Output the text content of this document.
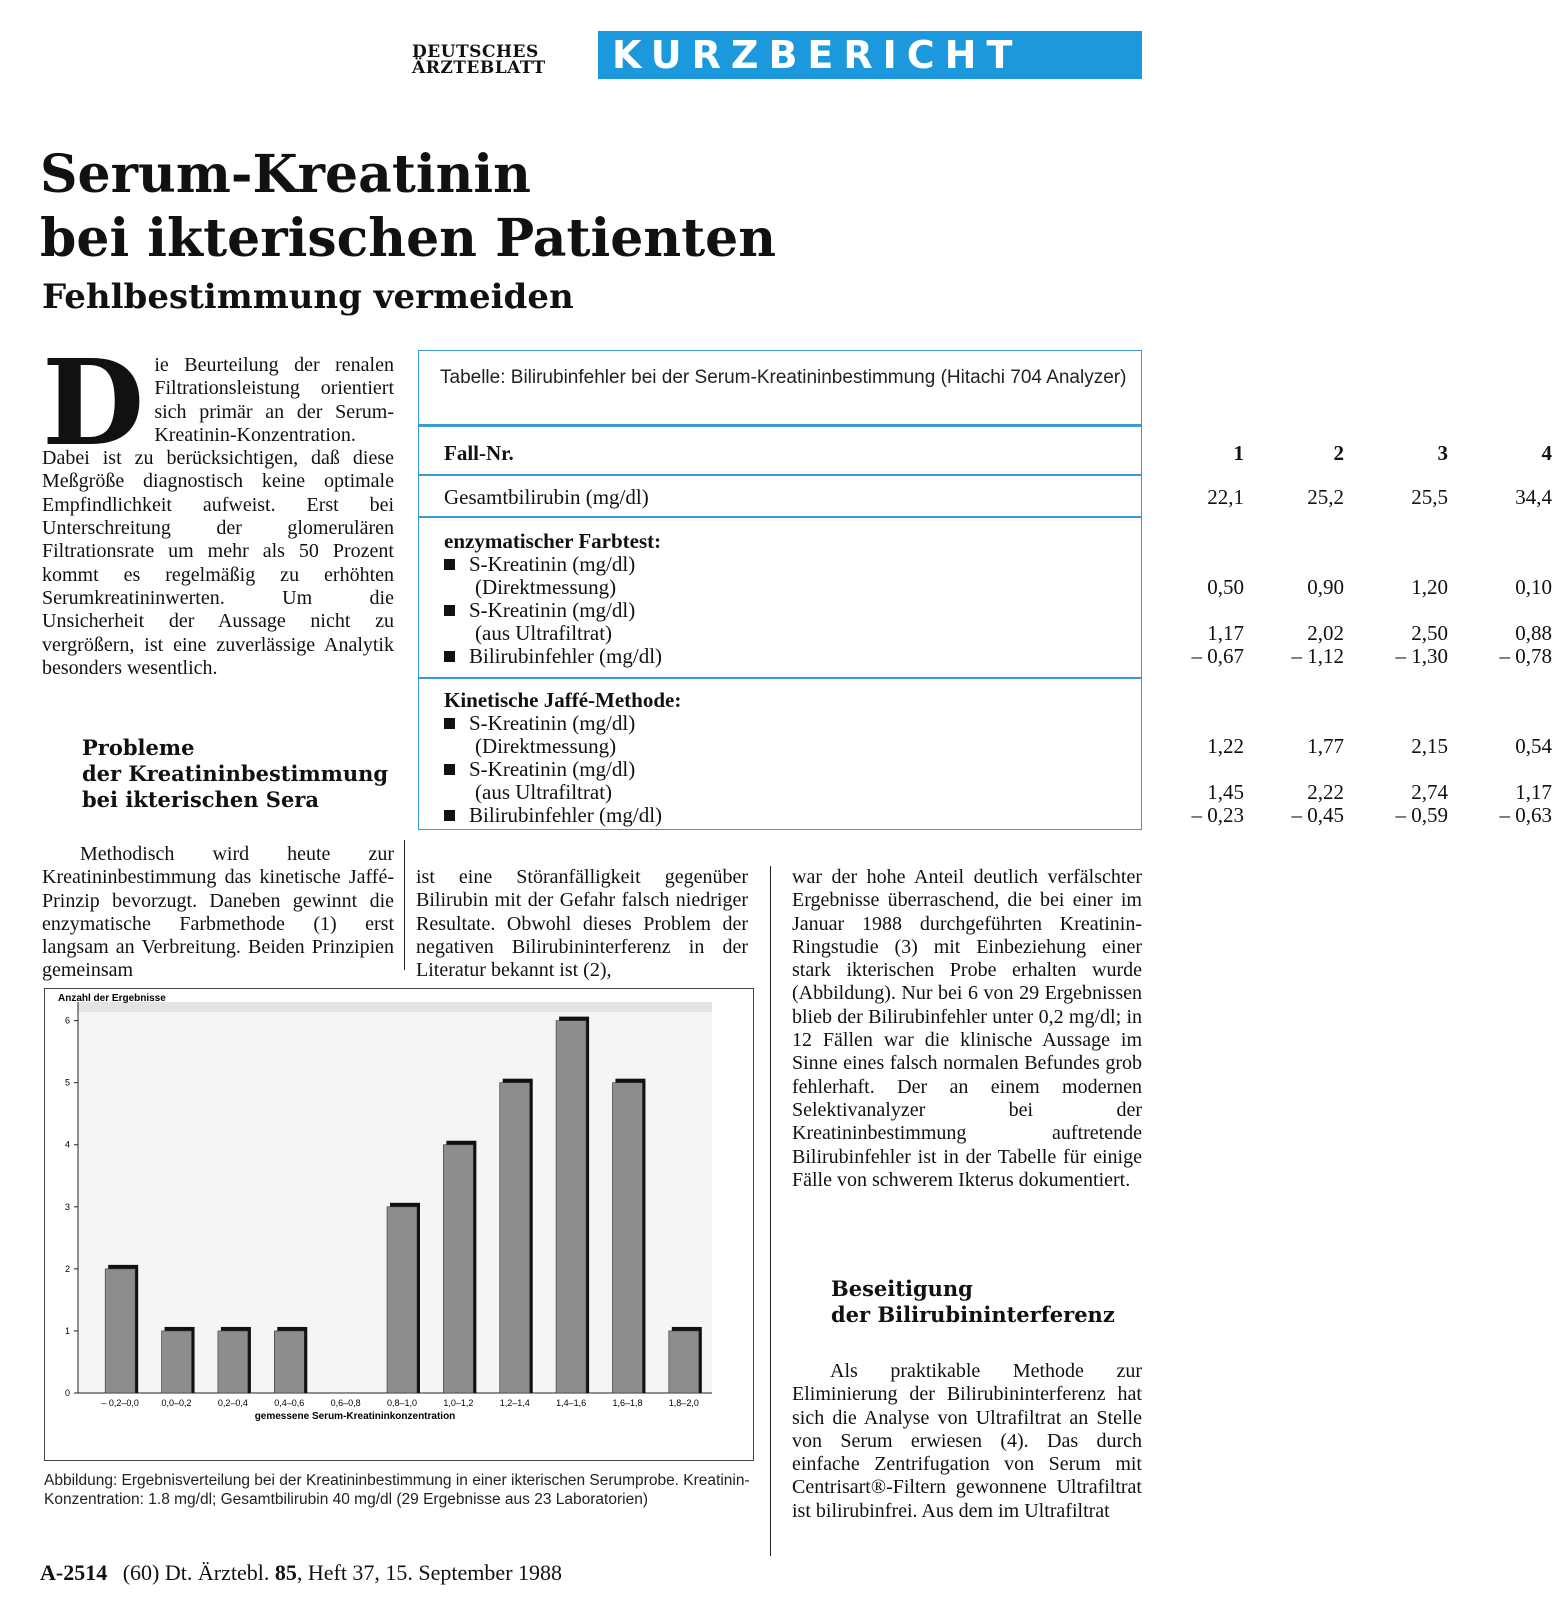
DEUTSCHES ÄRZTEBLATT	KURZBERICHT
Serum-Kreatinin
bei ikterischen Patienten
Fehlbestimmung vermeiden
D ie Beurteilung der renalen Filtrationsleistung orientiert sich primär an der Serum-Kreatinin-Konzentration. Dabei ist zu berücksichtigen, daß diese Meßgröße diagnostisch keine optimale Empfindlichkeit aufweist. Erst bei Unterschreitung der glomerulären Filtrationsrate um mehr als 50 Prozent kommt es regelmäßig zu erhöhten Serumkreatininwerten. Um die Unsicherheit der Aussage nicht zu vergrößern, ist eine zuverlässige Analytik besonders wesentlich.
Probleme
der Kreatininbestimmung
bei ikterischen Sera
Methodisch wird heute zur Kreatininbestimmung das kinetische Jaffé-Prinzip bevorzugt. Daneben gewinnt die enzymatische Farbmethode (1) erst langsam an Verbreitung. Beiden Prinzipien gemeinsam
Tabelle: Bilirubinfehler bei der Serum-Kreatininbestimmung (Hitachi 704 Analyzer)
Fall-Nr.	1	2	3	4
Gesamtbilirubin (mg/dl)	22,1	25,2	25,5	34,4
enzymatischer Farbtest:
S-Kreatinin (mg/dl)
(Direktmessung)	0,50	0,90	1,20	0,10
S-Kreatinin (mg/dl)
(aus Ultrafiltrat)	1,17	2,02	2,50	0,88
Bilirubinfehler (mg/dl)	– 0,67	– 1,12	– 1,30	– 0,78
Kinetische Jaffé-Methode:
S-Kreatinin (mg/dl)
(Direktmessung)	1,22	1,77	2,15	0,54
S-Kreatinin (mg/dl)
(aus Ultrafiltrat)	1,45	2,22	2,74	1,17
Bilirubinfehler (mg/dl)	– 0,23	– 0,45	– 0,59	– 0,63
ist eine Störanfälligkeit gegenüber Bilirubin mit der Gefahr falsch niedriger Resultate. Obwohl dieses Problem der negativen Bilirubininterferenz in der Literatur bekannt ist (2),
war der hohe Anteil deutlich verfälschter Ergebnisse überraschend, die bei einer im Januar 1988 durchgeführten Kreatinin-Ringstudie (3) mit Einbeziehung einer stark ikterischen Probe erhalten wurde (Abbildung). Nur bei 6 von 29 Ergebnissen blieb der Bilirubinfehler unter 0,2 mg/dl; in 12 Fällen war die klinische Aussage im Sinne eines falsch normalen Befundes grob fehlerhaft. Der an einem modernen Selektivanalyzer bei der Kreatininbestimmung auftretende Bilirubinfehler ist in der Tabelle für einige Fälle von schwerem Ikterus dokumentiert.
Beseitigung
der Bilirubininterferenz
Als praktikable Methode zur Eliminierung der Bilirubininterferenz hat sich die Analyse von Ultrafiltrat an Stelle von Serum erwiesen (4). Das durch einfache Zentrifugation von Serum mit Centrisart®-Filtern gewonnene Ultrafiltrat ist bilirubinfrei. Aus dem im Ultrafiltrat
Anzahl der Ergebnisse
0
1
2
3
4
5
6
– 0,2–0,0	0,0–0,2	0,2–0,4	0,4–0,6	0,6–0,8	0,8–1,0	1,0–1,2	1,2–1,4	1,4–1,6	1,6–1,8	1,8–2,0
gemessene Serum-Kreatininkonzentration
Abbildung: Ergebnisverteilung bei der Kreatininbestimmung in einer ikterischen Serumprobe. Kreatinin-Konzentration: 1.8 mg/dl; Gesamtbilirubin 40 mg/dl (29 Ergebnisse aus 23 Laboratorien)
A-2514 (60) Dt. Ärztebl. 85, Heft 37, 15. September 1988
